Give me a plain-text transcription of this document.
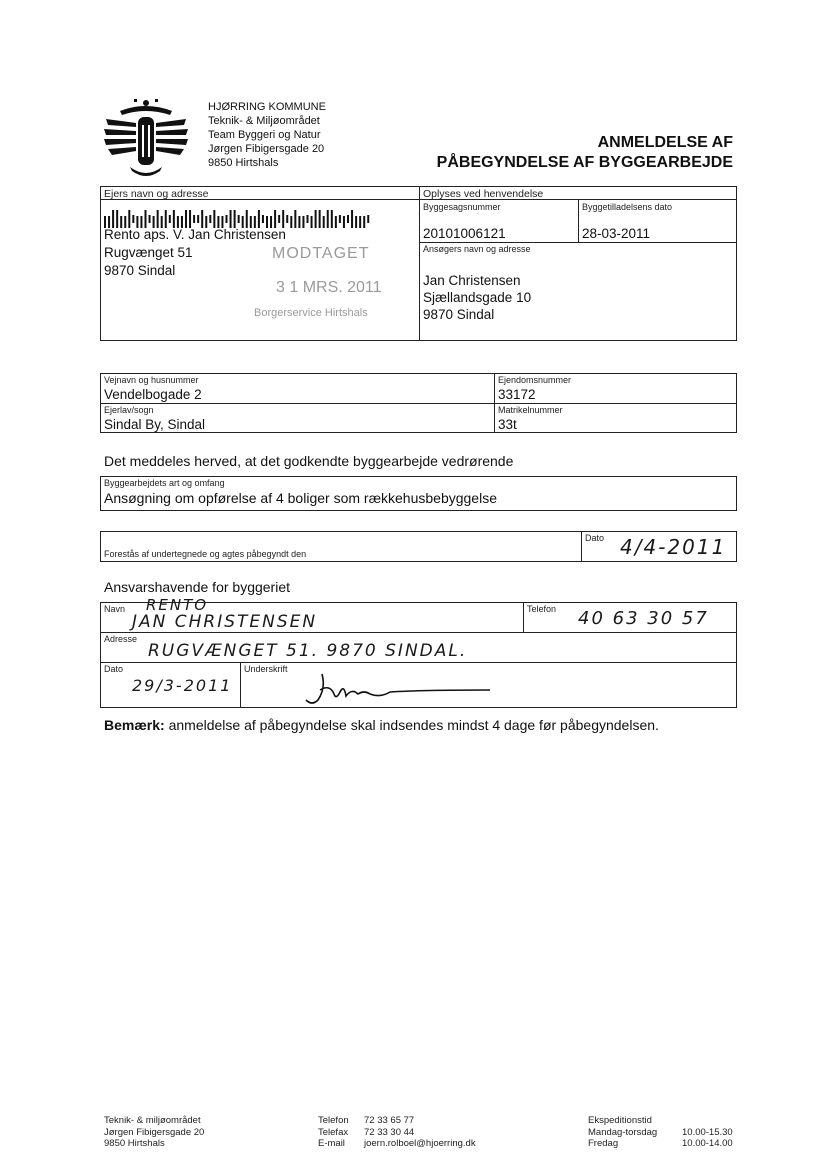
HJØRRING KOMMUNE
Teknik- & Miljøområdet
Team Byggeri og Natur
Jørgen Fibigersgade 20
9850 Hirtshals
ANMELDELSE AF
PÅBEGYNDELSE AF BYGGEARBEJDE
Ejers navn og adresse
Rento aps. V. Jan Christensen
Rugvænget 51
9870 Sindal
MODTAGET
3 1 MRS. 2011
Borgerservice Hirtshals
Oplyses ved henvendelse
Byggesagsnummer
20101006121
Byggetilladelsens dato
28-03-2011
Ansøgers navn og adresse
Jan Christensen
Sjællandsgade 10
9870 Sindal
Vejnavn og husnummer
Vendelbogade 2
Ejendomsnummer
33172
Ejerlav/sogn
Sindal By, Sindal
Matrikelnummer
33t
Det meddeles herved, at det godkendte byggearbejde vedrørende
Byggearbejdets art og omfang
Ansøgning om opførelse af 4 boliger som rækkehusbebyggelse
Forestås af undertegnede og agtes påbegyndt den
Dato 4/4-2011
Ansvarshavende for byggeriet
Navn RENTO
JAN CHRISTENSEN
Telefon 40 63 30 57
Adresse
RUGVÆNGET 51. 9870 SINDAL.
Dato
29/3-2011
Underskrift
Bemærk: anmeldelse af påbegyndelse skal indsendes mindst 4 dage før påbegyndelsen.
Teknik- & miljøområdet
Jørgen Fibigersgade 20
9850 Hirtshals
Telefon
Telefax
E-mail
72 33 65 77
72 33 30 44
joern.rolboel@hjoerring.dk
Ekspeditionstid
Mandag-torsdag
Fredag
10.00-15.30
10.00-14.00
